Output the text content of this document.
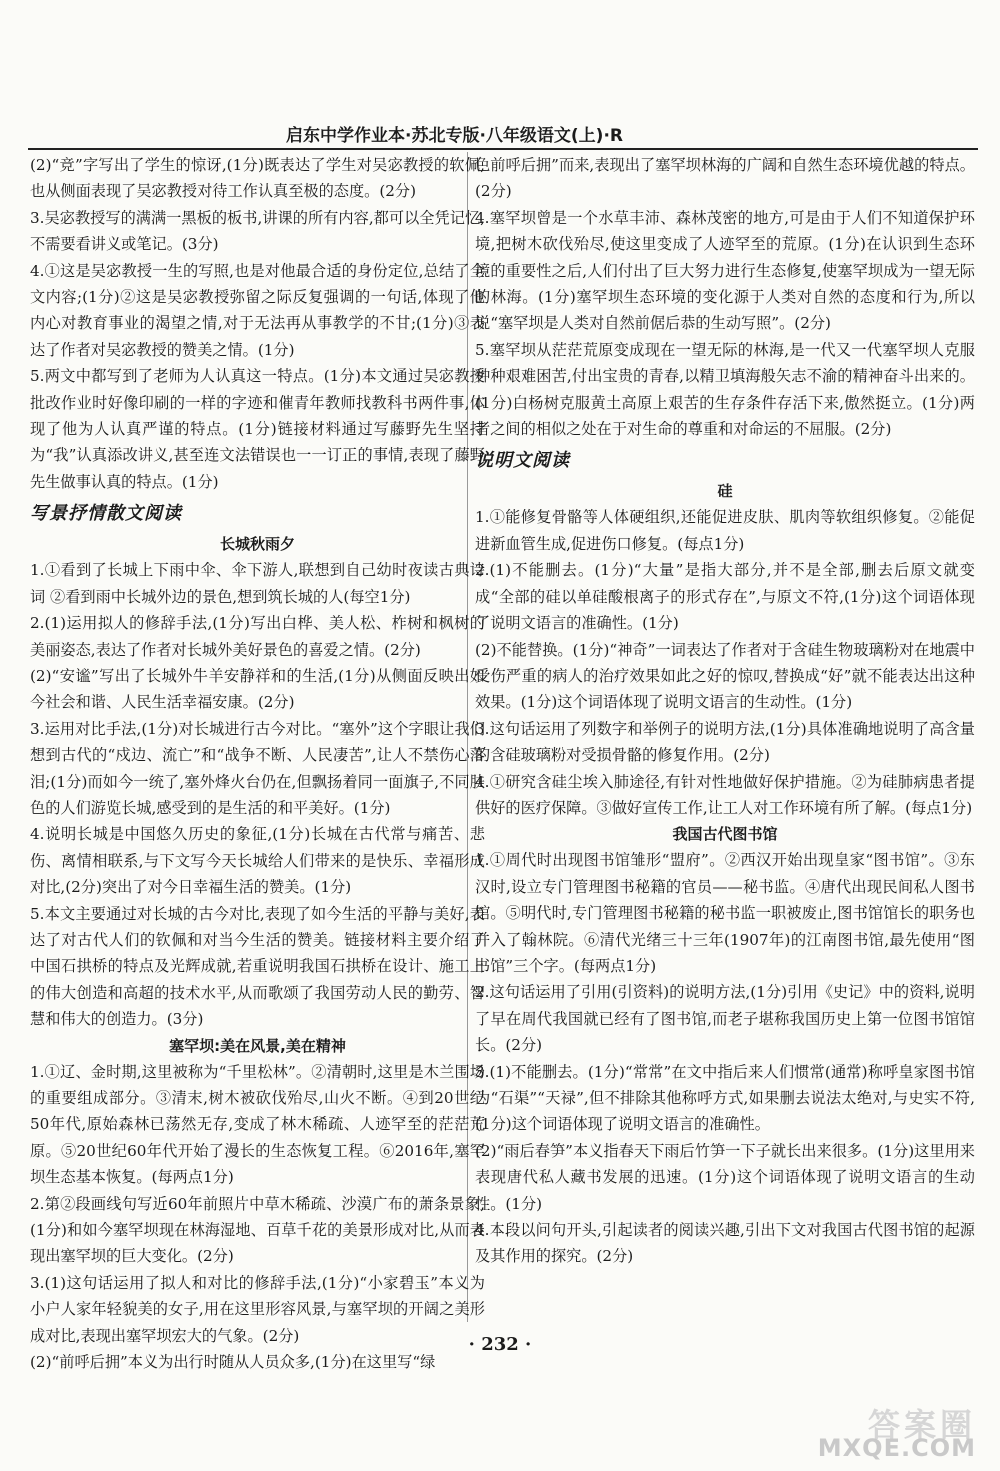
启东中学作业本·苏北专版·八年级语文(上)·R

(2)“竞”字写出了学生的惊讶,(1分)既表达了学生对吴宓教授的软佩,也从侧面表现了吴宓教授对待工作认真至极的态度。(2分)

3.吴宓教授写的满满一黑板的板书,讲课的所有内容,都可以全凭记忆,不需要看讲义或笔记。(3分)

4.①这是吴宓教授一生的写照,也是对他最合适的身份定位,总结了全文内容;(1分)②这是吴宓教授弥留之际反复强调的一句话,体现了他内心对教育事业的渴望之情,对于无法再从事教学的不甘;(1分)③表达了作者对吴宓教授的赞美之情。(1分)

5.两文中都写到了老师为人认真这一特点。(1分)本文通过吴宓教授批改作业时好像印刷的一样的字迹和催青年教师找教科书两件事,体现了他为人认真严谨的特点。(1分)链接材料通过写藤野先生坚持为“我”认真添改讲义,甚至连文法错误也一一订正的事情,表现了藤野先生做事认真的特点。(1分)

写景抒情散文阅读
长城秋雨夕

1.①看到了长城上下雨中伞、伞下游人,联想到自己幼时夜读古典诗词 ②看到雨中长城外边的景色,想到筑长城的人(每空1分)

2.(1)运用拟人的修辞手法,(1分)写出白桦、美人松、柞树和枫树的美丽姿态,表达了作者对长城外美好景色的喜爱之情。(2分)

(2)“安谧”写出了长城外牛羊安静祥和的生活,(1分)从侧面反映出如今社会和谐、人民生活幸福安康。(2分)

3.运用对比手法,(1分)对长城进行古今对比。“塞外”这个字眼让我们想到古代的“戍边、流亡”和“战争不断、人民凄苦”,让人不禁伤心落泪;(1分)而如今一统了,塞外烽火台仍在,但飘扬着同一面旗子,不同肤色的人们游览长城,感受到的是生活的和平美好。(1分)

4.说明长城是中国悠久历史的象征,(1分)长城在古代常与痛苦、悲伤、离情相联系,与下文写今天长城给人们带来的是快乐、幸福形成对比,(2分)突出了对今日幸福生活的赞美。(1分)

5.本文主要通过对长城的古今对比,表现了如今生活的平静与美好,表达了对古代人们的钦佩和对当今生活的赞美。链接材料主要介绍了中国石拱桥的特点及光辉成就,若重说明我国石拱桥在设计、施工上的伟大创造和高超的技术水平,从而歌颂了我国劳动人民的勤劳、智慧和伟大的创造力。(3分)

塞罕坝:美在风景,美在精神

1.①辽、金时期,这里被称为“千里松林”。②清朝时,这里是木兰围场的重要组成部分。③清末,树木被砍伐殆尽,山火不断。④到20世纪50年代,原始森林已荡然无存,变成了林木稀疏、人迹罕至的茫茫荒原。⑤20世纪60年代开始了漫长的生态恢复工程。⑥2016年,塞罕坝生态基本恢复。(每两点1分)

2.第②段画线句写近60年前照片中草木稀疏、沙漠广布的萧条景象,(1分)和如今塞罕坝现在林海湿地、百草千花的美景形成对比,从而表现出塞罕坝的巨大变化。(2分)

3.(1)这句话运用了拟人和对比的修辞手法,(1分)“小家碧玉”本义为小户人家年轻貌美的女子,用在这里形容风景,与塞罕坝的开阔之美形成对比,表现出塞罕坝宏大的气象。(2分)

(2)“前呼后拥”本义为出行时随从人员众多,(1分)在这里写“绿

色前呼后拥”而来,表现出了塞罕坝林海的广阔和自然生态环境优越的特点。(2分)

4.塞罕坝曾是一个水草丰沛、森林茂密的地方,可是由于人们不知道保护环境,把树木砍伐殆尽,使这里变成了人迹罕至的荒原。(1分)在认识到生态环境的重要性之后,人们付出了巨大努力进行生态修复,使塞罕坝成为一望无际的林海。(1分)塞罕坝生态环境的变化源于人类对自然的态度和行为,所以说“塞罕坝是人类对自然前倨后恭的生动写照”。(2分)

5.塞罕坝从茫茫荒原变成现在一望无际的林海,是一代又一代塞罕坝人克服种种艰难困苦,付出宝贵的青春,以精卫填海般矢志不渝的精神奋斗出来的。(1分)白杨树克服黄土高原上艰苦的生存条件存活下来,傲然挺立。(1分)两者之间的相似之处在于对生命的尊重和对命运的不屈服。(2分)

说明文阅读
硅

1.①能修复骨骼等人体硬组织,还能促进皮肤、肌肉等软组织修复。②能促进新血管生成,促进伤口修复。(每点1分)

2.(1)不能删去。(1分)“大量”是指大部分,并不是全部,删去后原文就变成“全部的硅以单硅酸根离子的形式存在”,与原文不符,(1分)这个词语体现了说明文语言的准确性。(1分)

(2)不能替换。(1分)“神奇”一词表达了作者对于含硅生物玻璃粉对在地震中受伤严重的病人的治疗效果如此之好的惊叹,替换成“好”就不能表达出这种效果。(1分)这个词语体现了说明文语言的生动性。(1分)

3.这句话运用了列数字和举例子的说明方法,(1分)具体准确地说明了高含量的含硅玻璃粉对受损骨骼的修复作用。(2分)

4.①研究含硅尘埃入肺途径,有针对性地做好保护措施。②为硅肺病患者提供好的医疗保障。③做好宣传工作,让工人对工作环境有所了解。(每点1分)

我国古代图书馆

1.①周代时出现图书馆雏形“盟府”。②西汉开始出现皇家“图书馆”。③东汉时,设立专门管理图书秘籍的官员——秘书监。④唐代出现民间私人图书馆。⑤明代时,专门管理图书秘籍的秘书监一职被废止,图书馆馆长的职务也并入了翰林院。⑥清代光绪三十三年(1907年)的江南图书馆,最先使用“图书馆”三个字。(每两点1分)

2.这句话运用了引用(引资料)的说明方法,(1分)引用《史记》中的资料,说明了早在周代我国就已经有了图书馆,而老子堪称我国历史上第一位图书馆馆长。(2分)

3.(1)不能删去。(1分)“常常”在文中指后来人们惯常(通常)称呼皇家图书馆为“石渠”“天禄”,但不排除其他称呼方式,如果删去说法太绝对,与史实不符,(1分)这个词语体现了说明文语言的准确性。

(2)“雨后春笋”本义指春天下雨后竹笋一下子就长出来很多。(1分)这里用来表现唐代私人藏书发展的迅速。(1分)这个词语体现了说明文语言的生动性。(1分)

4.本段以问句开头,引起读者的阅读兴趣,引出下文对我国古代图书馆的起源及其作用的探究。(2分)

· 232 ·
答案圈
MXQE.COM
